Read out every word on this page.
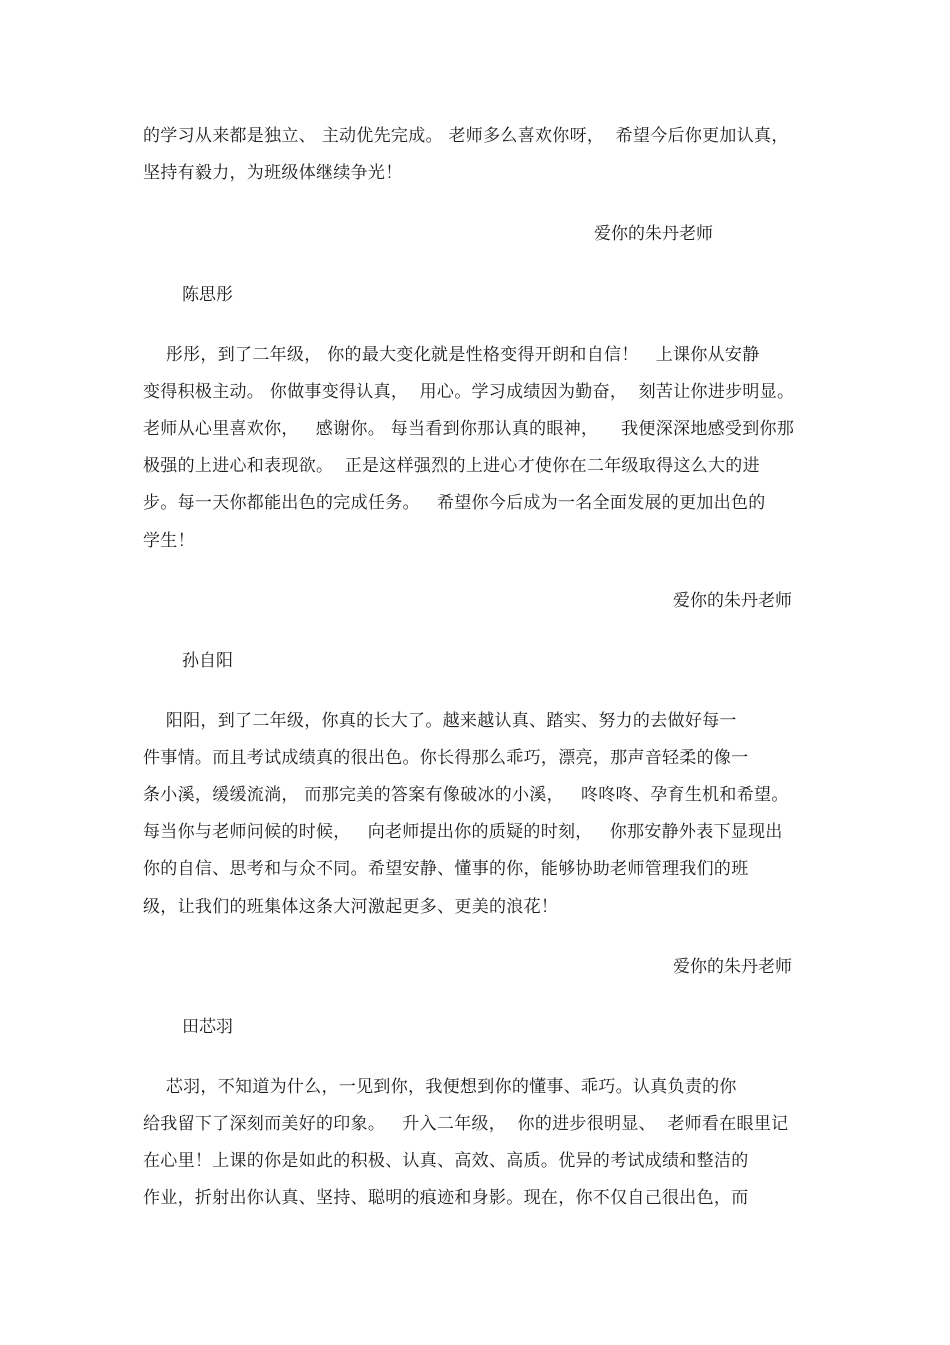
的学习从来都是独立、 主动优先完成。 老师多么喜欢你呀，  希望今后你更加认真，
坚持有毅力，为班级体继续争光！
爱你的朱丹老师
陈思彤
彤彤，到了二年级， 你的最大变化就是性格变得开朗和自信！   上课你从安静
变得积极主动。 你做事变得认真，  用心。学习成绩因为勤奋，  刻苦让你进步明显。
老师从心里喜欢你，   感谢你。 每当看到你那认真的眼神，    我便深深地感受到你那
极强的上进心和表现欲。  正是这样强烈的上进心才使你在二年级取得这么大的进
步。每一天你都能出色的完成任务。   希望你今后成为一名全面发展的更加出色的
学生！
爱你的朱丹老师
孙自阳
阳阳，到了二年级，你真的长大了。越来越认真、踏实、努力的去做好每一
件事情。而且考试成绩真的很出色。你长得那么乖巧，漂亮，那声音轻柔的像一
条小溪，缓缓流淌， 而那完美的答案有像破冰的小溪，   咚咚咚、孕育生机和希望。
每当你与老师问候的时候，   向老师提出你的质疑的时刻，   你那安静外表下显现出
你的自信、思考和与众不同。希望安静、懂事的你，能够协助老师管理我们的班
级，让我们的班集体这条大河激起更多、更美的浪花！
爱你的朱丹老师
田芯羽
芯羽，不知道为什么，一见到你，我便想到你的懂事、乖巧。认真负责的你
给我留下了深刻而美好的印象。   升入二年级，  你的进步很明显、  老师看在眼里记
在心里！上课的你是如此的积极、认真、高效、高质。优异的考试成绩和整洁的
作业，折射出你认真、坚持、聪明的痕迹和身影。现在，你不仅自己很出色，而
